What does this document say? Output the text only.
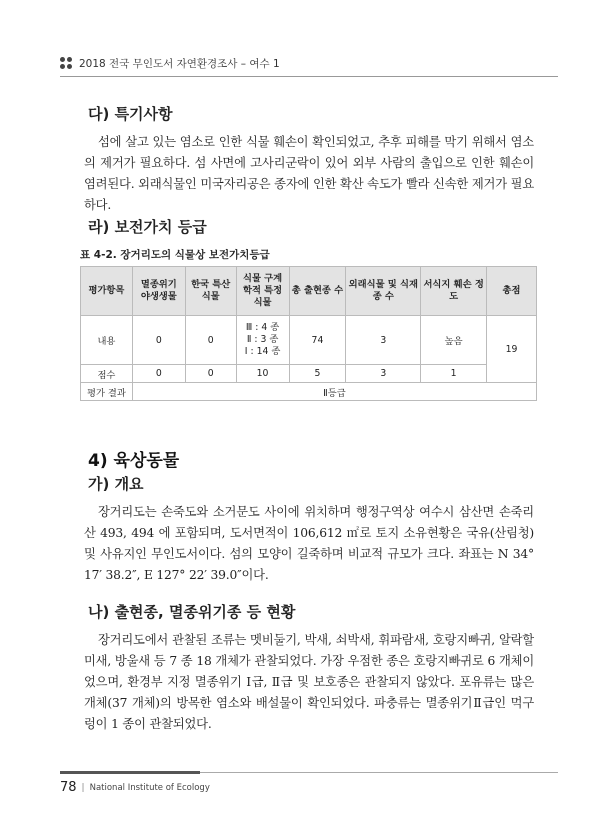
2018 전국 무인도서 자연환경조사 – 여수 1
다) 특기사항

섬에 살고 있는 염소로 인한 식물 훼손이 확인되었고, 추후 피해를 막기 위해서 염소의 제거가 필요하다. 섬 사면에 고사리군락이 있어 외부 사람의 출입으로 인한 훼손이 염려된다. 외래식물인 미국자리공은 종자에 인한 확산 속도가 빨라 신속한 제거가 필요하다.

라) 보전가치 등급
표 4-2. 장거리도의 식물상 보전가치등급
평가항목	멸종위기 야생생물	한국 특산식물	식물 구계학적 특정식물	총 출현종 수	외래식물 및 식재종 수	서식지 훼손 정도	총점
내용	0	0	Ⅲ : 4 종
Ⅱ : 3 종
Ⅰ : 14 종	74	3	높음	19
점수	0	0	10	5	3	1	
평가 결과	Ⅱ등급						
4) 육상동물
가) 개요

장거리도는 손죽도와 소거문도 사이에 위치하며 행정구역상 여수시 삼산면 손죽리 산 493, 494 에 포함되며, 도서면적이 106,612 ㎡로 토지 소유현황은 국유(산림청) 및 사유지인 무인도서이다. 섬의 모양이 길죽하며 비교적 규모가 크다. 좌표는 N 34° 17′ 38.2″, E 127° 22′ 39.0″이다.

나) 출현종, 멸종위기종 등 현황

장거리도에서 관찰된 조류는 멧비둘기, 박새, 쇠박새, 휘파람새, 호랑지빠귀, 알락할미새, 방울새 등 7 종 18 개체가 관찰되었다. 가장 우점한 종은 호랑지빠귀로 6 개체이었으며, 환경부 지정 멸종위기 Ⅰ급, Ⅱ급 및 보호종은 관찰되지 않았다. 포유류는 많은 개체(37 개체)의 방목한 염소와 배설물이 확인되었다. 파충류는 멸종위기Ⅱ급인 먹구렁이 1 종이 관찰되었다.

78 | National Institute of Ecology
